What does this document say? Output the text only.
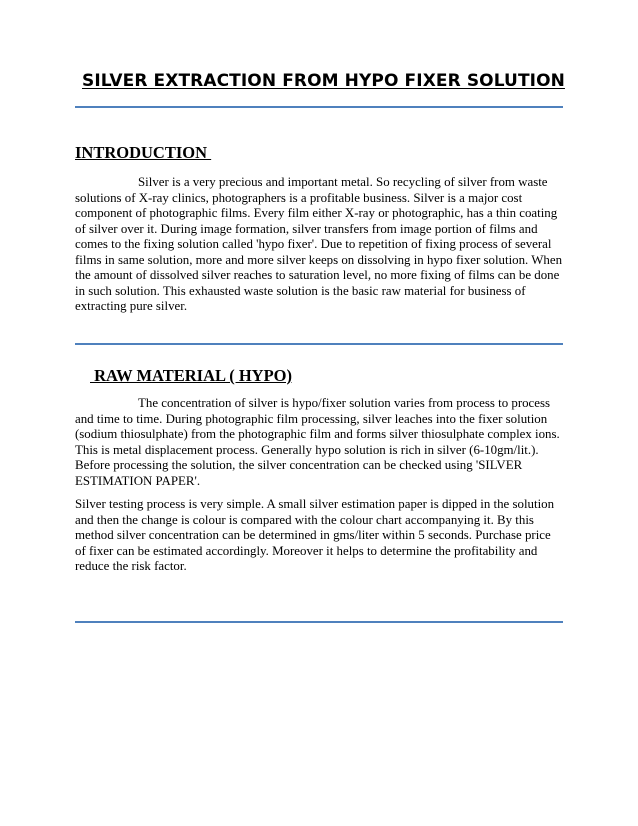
SILVER EXTRACTION FROM HYPO FIXER SOLUTION
INTRODUCTION

Silver is a very precious and important metal. So recycling of silver from waste solutions of X-ray clinics, photographers is a profitable business. Silver is a major cost component of photographic films. Every film either X-ray or photographic, has a thin coating of silver over it. During image formation, silver transfers from image portion of films and comes to the fixing solution called 'hypo fixer'. Due to repetition of fixing process of several films in same solution, more and more silver keeps on dissolving in hypo fixer solution. When the amount of dissolved silver reaches to saturation level, no more fixing of films can be done in such solution. This exhausted waste solution is the basic raw material for business of extracting pure silver.

RAW MATERIAL ( HYPO)

The concentration of silver is hypo/fixer solution varies from process to process and time to time. During photographic film processing, silver leaches into the fixer solution (sodium thiosulphate) from the photographic film and forms silver thiosulphate complex ions. This is metal displacement process. Generally hypo solution is rich in silver (6-10gm/lit.). Before processing the solution, the silver concentration can be checked using 'SILVER ESTIMATION PAPER'.

Silver testing process is very simple. A small silver estimation paper is dipped in the solution and then the change is colour is compared with the colour chart accompanying it. By this method silver concentration can be determined in gms/liter within 5 seconds. Purchase price of fixer can be estimated accordingly. Moreover it helps to determine the profitability and reduce the risk factor.
